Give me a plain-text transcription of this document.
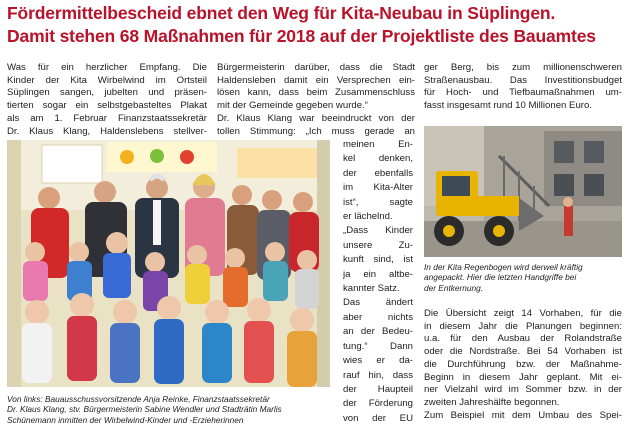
Fördermittelbescheid ebnet den Weg für Kita-Neubau in Süplingen.
Damit stehen 68 Maßnahmen für 2018 auf der Projektliste des Bauamtes
Was für ein herzlicher Empfang. Die
Kinder der Kita Wirbelwind im Ortsteil
Süplingen sangen, jubelten und präsen-
tierten sogar ein selbstgebasteltes Plakat
als am 1. Februar Finanzstaatssekretär
Dr. Klaus Klang, Haldenslebens stellver-
Bürgermeisterin darüber, dass die Stadt
Haldensleben damit ein Versprechen ein-
lösen kann, dass beim Zusammenschluss
mit der Gemeinde gegeben wurde.“
Dr. Klaus Klang war beeindruckt von der
tollen Stimmung: „Ich muss gerade an
meinen En-
kel denken,
der ebenfalls
im Kita-Alter
ist“, sagte
er lächelnd.
„Dass Kinder
unsere Zu-
kunft sind, ist
ja ein altbe-
kannter Satz.
Das ändert
aber nichts
an der Bedeu-
tung.“ Dann
wies er da-
rauf hin, dass
der Haupteil
der Förderung
von der EU
Von links: Bauausschussvorsitzende Anja Reinke, Finanzstaatssekretär
Dr. Klaus Klang, stv. Bürgermeisterin Sabine Wendler und Stadträtin Marlis
Schünemann inmitten der Wirbelwind-Kinder und -Erzieherinnen
ger Berg, bis zum millionenschweren
Straßenausbau. Das Investitionsbudget
für Hoch- und Tiefbaumaßnahmen um-
fasst insgesamt rund 10 Millionen Euro.
In der Kita Regenbogen wird derweil kräftig
angepackt. Hier die letzten Handgriffe bei
der Entkernung.
Die Übersicht zeigt 14 Vorhaben, für die
in diesem Jahr die Planungen beginnen:
u.a. für den Ausbau der Rolandstraße
oder die Nordstraße. Bei 54 Vorhaben ist
die Durchführung bzw. der Maßnahme-
Beginn in diesem Jahr geplant. Mit ei-
ner Vielzahl wird im Sommer bzw. in der
zweiten Jahreshälfte begonnen.
Zum Beispiel mit dem Umbau des Spei-
